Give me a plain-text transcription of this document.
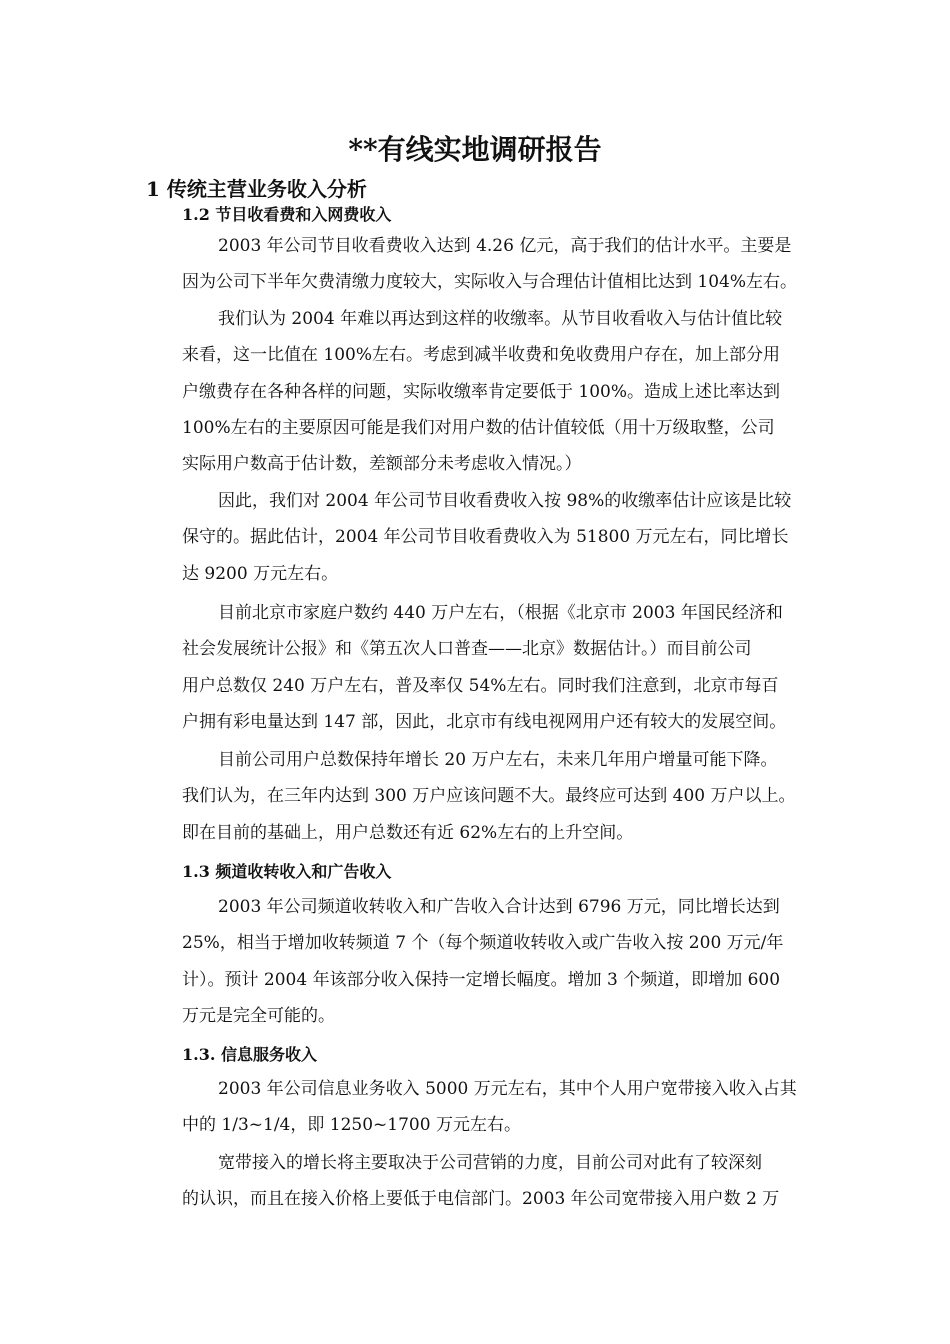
**有线实地调研报告
1 传统主营业务收入分析
1.2 节目收看费和入网费收入
2003 年公司节目收看费收入达到 4.26 亿元，高于我们的估计水平。主要是
因为公司下半年欠费清缴力度较大，实际收入与合理估计值相比达到 104%左右。
我们认为 2004 年难以再达到这样的收缴率。从节目收看收入与估计值比较
来看，这一比值在 100%左右。考虑到减半收费和免收费用户存在，加上部分用
户缴费存在各种各样的问题，实际收缴率肯定要低于 100%。造成上述比率达到
100%左右的主要原因可能是我们对用户数的估计值较低（用十万级取整，公司
实际用户数高于估计数，差额部分未考虑收入情况。）
因此，我们对 2004 年公司节目收看费收入按 98%的收缴率估计应该是比较
保守的。据此估计，2004 年公司节目收看费收入为 51800 万元左右，同比增长
达 9200 万元左右。
目前北京市家庭户数约 440 万户左右，（根据《北京市 2003 年国民经济和
社会发展统计公报》和《第五次人口普查——北京》数据估计。）而目前公司
用户总数仅 240 万户左右，普及率仅 54%左右。同时我们注意到，北京市每百
户拥有彩电量达到 147 部，因此，北京市有线电视网用户还有较大的发展空间。
目前公司用户总数保持年增长 20 万户左右，未来几年用户增量可能下降。
我们认为，在三年内达到 300 万户应该问题不大。最终应可达到 400 万户以上。
即在目前的基础上，用户总数还有近 62%左右的上升空间。
1.3 频道收转收入和广告收入
2003 年公司频道收转收入和广告收入合计达到 6796 万元，同比增长达到
25%，相当于增加收转频道 7 个（每个频道收转收入或广告收入按 200 万元/年
计）。预计 2004 年该部分收入保持一定增长幅度。增加 3 个频道，即增加 600
万元是完全可能的。
1.3. 信息服务收入
2003 年公司信息业务收入 5000 万元左右，其中个人用户宽带接入收入占其
中的 1/3~1/4，即 1250~1700 万元左右。
宽带接入的增长将主要取决于公司营销的力度，目前公司对此有了较深刻
的认识，而且在接入价格上要低于电信部门。2003 年公司宽带接入用户数 2 万
